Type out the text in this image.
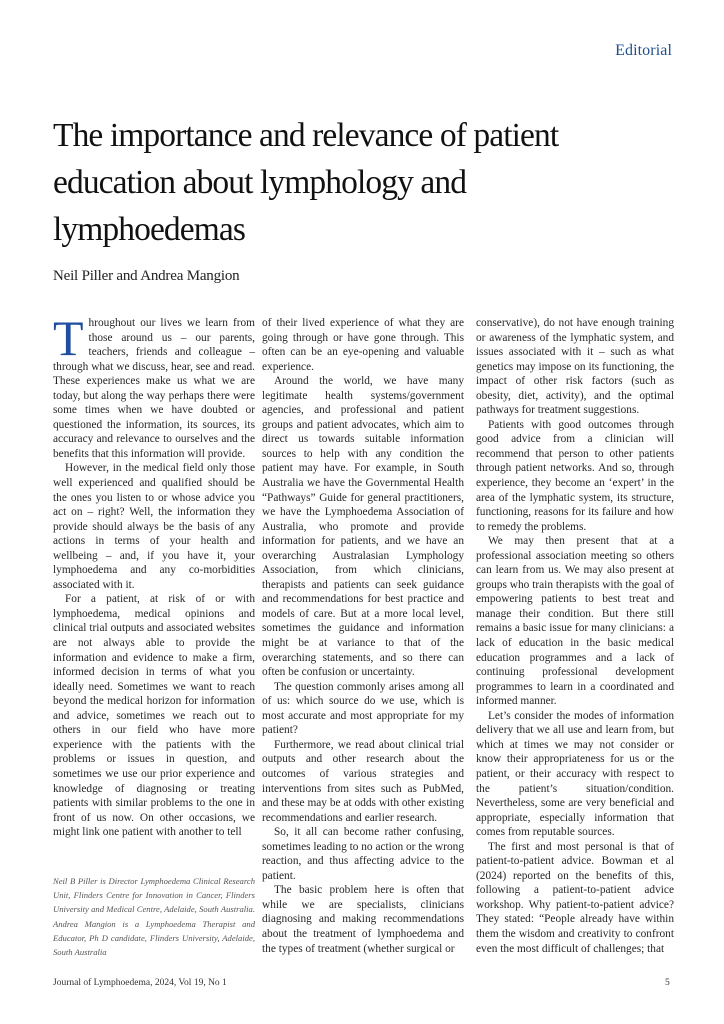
Editorial
The importance and relevance of patient education about lymphology and lymphoedemas
Neil Piller and Andrea Mangion

Throughout our lives we learn from those around us – our parents, teachers, friends and colleague – through what we discuss, hear, see and read. These experiences make us what we are today, but along the way perhaps there were some times when we have doubted or questioned the information, its sources, its accuracy and relevance to ourselves and the benefits that this information will provide.

However, in the medical field only those well experienced and qualified should be the ones you listen to or whose advice you act on – right? Well, the information they provide should always be the basis of any actions in terms of your health and wellbeing – and, if you have it, your lymphoedema and any co-morbidities associated with it.

For a patient, at risk of or with lymphoedema, medical opinions and clinical trial outputs and associated websites are not always able to provide the information and evidence to make a firm, informed decision in terms of what you ideally need. Sometimes we want to reach beyond the medical horizon for information and advice, sometimes we reach out to others in our field who have more experience with the patients with the problems or issues in question, and sometimes we use our prior experience and knowledge of diagnosing or treating patients with similar problems to the one in front of us now. On other occasions, we might link one patient with another to tell

Neil B Piller is Director Lymphoedema Clinical Research Unit, Flinders Centre for Innovation in Cancer, Flinders University and Medical Centre, Adelaide, South Australia. Andrea Mangion is a Lymphoedema Therapist and Educator, Ph D candidate, Flinders University, Adelaide, South Australia

of their lived experience of what they are going through or have gone through. This often can be an eye-opening and valuable experience.

Around the world, we have many legitimate health systems/government agencies, and professional and patient groups and patient advocates, which aim to direct us towards suitable information sources to help with any condition the patient may have. For example, in South Australia we have the Governmental Health “Pathways” Guide for general practitioners, we have the Lymphoedema Association of Australia, who promote and provide information for patients, and we have an overarching Australasian Lymphology Association, from which clinicians, therapists and patients can seek guidance and recommendations for best practice and models of care. But at a more local level, sometimes the guidance and information might be at variance to that of the overarching statements, and so there can often be confusion or uncertainty.

The question commonly arises among all of us: which source do we use, which is most accurate and most appropriate for my patient?

Furthermore, we read about clinical trial outputs and other research about the outcomes of various strategies and interventions from sites such as PubMed, and these may be at odds with other existing recommendations and earlier research.

So, it all can become rather confusing, sometimes leading to no action or the wrong reaction, and thus affecting advice to the patient.

The basic problem here is often that while we are specialists, clinicians diagnosing and making recommendations about the treatment of lymphoedema and the types of treatment (whether surgical or

conservative), do not have enough training or awareness of the lymphatic system, and issues associated with it – such as what genetics may impose on its functioning, the impact of other risk factors (such as obesity, diet, activity), and the optimal pathways for treatment suggestions.

Patients with good outcomes through good advice from a clinician will recommend that person to other patients through patient networks. And so, through experience, they become an ‘expert’ in the area of the lymphatic system, its structure, functioning, reasons for its failure and how to remedy the problems.

We may then present that at a professional association meeting so others can learn from us. We may also present at groups who train therapists with the goal of empowering patients to best treat and manage their condition. But there still remains a basic issue for many clinicians: a lack of education in the basic medical education programmes and a lack of continuing professional development programmes to learn in a coordinated and informed manner.

Let’s consider the modes of information delivery that we all use and learn from, but which at times we may not consider or know their appropriateness for us or the patient, or their accuracy with respect to the patient’s situation/condition. Nevertheless, some are very beneficial and appropriate, especially information that comes from reputable sources.

The first and most personal is that of patient-to-patient advice. Bowman et al (2024) reported on the benefits of this, following a patient-to-patient advice workshop. Why patient-to-patient advice? They stated: “People already have within them the wisdom and creativity to confront even the most difficult of challenges; that

Journal of Lymphoedema, 2024, Vol 19, No 1	5
